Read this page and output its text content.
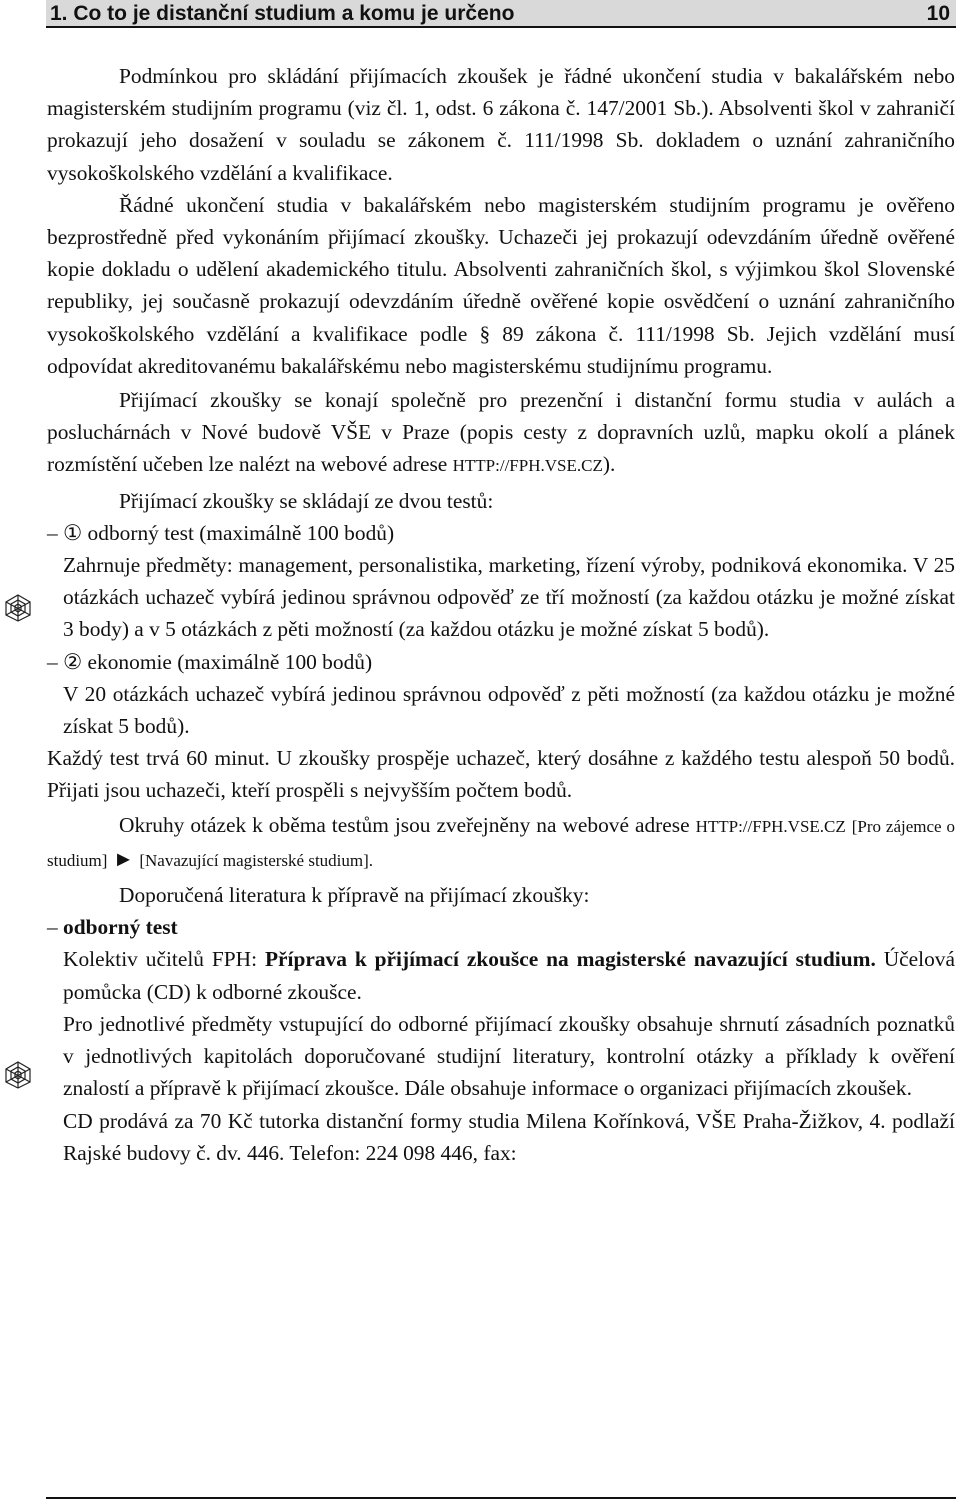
1. Co to je distanční studium a komu je určeno	10

Podmínkou pro skládání přijímacích zkoušek je řádné ukončení studia v bakalářském nebo magisterském studijním programu (viz čl. 1, odst. 6 zákona č. 147/2001 Sb.). Absolventi škol v zahraničí prokazují jeho dosažení v souladu se zákonem č. 111/1998 Sb. dokladem o uznání zahraničního vysokoškolského vzdělání a kvalifikace.

Řádné ukončení studia v bakalářském nebo magisterském studijním programu je ověřeno bezprostředně před vykonáním přijímací zkoušky. Uchazeči jej prokazují odevzdáním úředně ověřené kopie dokladu o udělení akademického titulu. Absolventi zahraničních škol, s výjimkou škol Slovenské republiky, jej současně prokazují odevzdáním úředně ověřené kopie osvědčení o uznání zahraničního vysokoškolského vzdělání a kvalifikace podle § 89 zákona č. 111/1998 Sb. Jejich vzdělání musí odpovídat akreditovanému bakalářskému nebo magisterskému studijnímu programu.

Přijímací zkoušky se konají společně pro prezenční i distanční formu studia v aulách a posluchárnách v Nové budově VŠE v Praze (popis cesty z dopravních uzlů, mapku okolí a plánek rozmístění učeben lze nalézt na webové adrese HTTP://FPH.VSE.CZ).

Přijímací zkoušky se skládají ze dvou testů:

– ① odborný test (maximálně 100 bodů)

Zahrnuje předměty: management, personalistika, marketing, řízení výroby, podniková ekonomika. V 25 otázkách uchazeč vybírá jedinou správnou odpověď ze tří možností (za každou otázku je možné získat 3 body) a v 5 otázkách z pěti možností (za každou otázku je možné získat 5 bodů).

– ② ekonomie (maximálně 100 bodů)

V 20 otázkách uchazeč vybírá jedinou správnou odpověď z pěti možností (za každou otázku je možné získat 5 bodů).

Každý test trvá 60 minut. U zkoušky prospěje uchazeč, který dosáhne z každého testu alespoň 50 bodů. Přijati jsou uchazeči, kteří prospěli s nejvyšším počtem bodů.

Okruhy otázek k oběma testům jsou zveřejněny na webové adrese HTTP://FPH.VSE.CZ [Pro zájemce o studium] ► [Navazující magisterské studium].

Doporučená literatura k přípravě na přijímací zkoušky:

– odborný test

Kolektiv učitelů FPH: Příprava k přijímací zkoušce na magisterské navazující studium. Účelová pomůcka (CD) k odborné zkoušce.

Pro jednotlivé předměty vstupující do odborné přijímací zkoušky obsahuje shrnutí zásadních poznatků v jednotlivých kapitolách doporučované studijní literatury, kontrolní otázky a příklady k ověření znalostí a přípravě k přijímací zkoušce. Dále obsahuje informace o organizaci přijímacích zkoušek.

CD prodává za 70 Kč tutorka distanční formy studia Milena Kořínková, VŠE Praha-Žižkov, 4. podlaží Rajské budovy č. dv. 446. Telefon: 224 098 446, fax:
